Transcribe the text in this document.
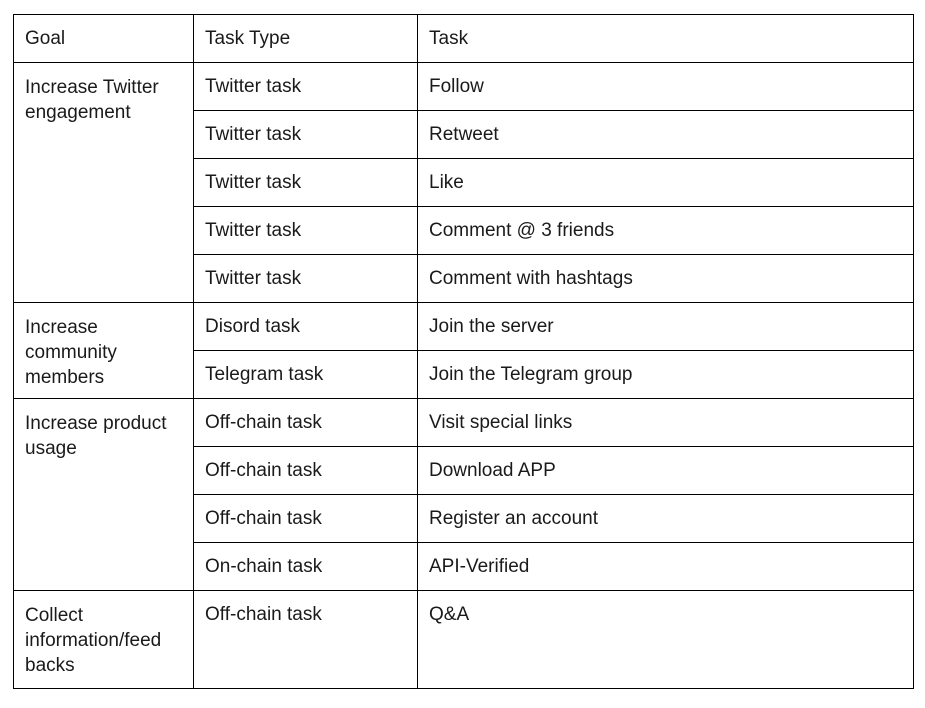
Goal	Task Type	Task
Increase Twitter engagement	Twitter task	Follow
	Twitter task	Retweet
	Twitter task	Like
	Twitter task	Comment @ 3 friends
	Twitter task	Comment with hashtags
Increase community members	Disord task	Join the server
	Telegram task	Join the Telegram group
Increase product usage	Off-chain task	Visit special links
	Off-chain task	Download APP
	Off-chain task	Register an account
	On-chain task	API-Verified
Collect information/feed backs	Off-chain task	Q&A
